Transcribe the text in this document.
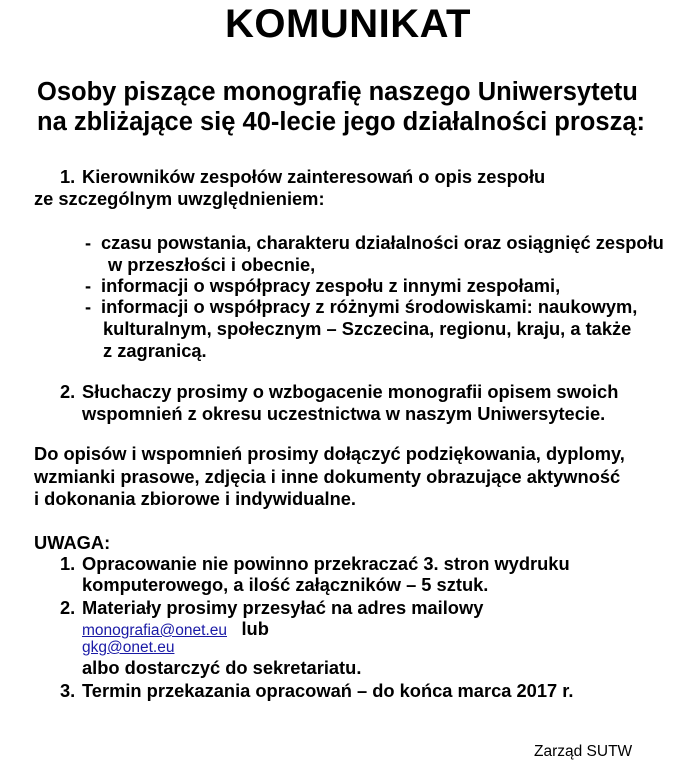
KOMUNIKAT
Osoby piszące monografię naszego Uniwersytetu
na zbliżające się 40-lecie jego działalności proszą:
1. Kierowników zespołów zainteresowań o opis zespołu
ze szczególnym uwzględnieniem:
- czasu powstania, charakteru działalności oraz osiągnięć zespołu
w przeszłości i obecnie,
- informacji o współpracy zespołu z innymi zespołami,
- informacji o współpracy z różnymi środowiskami: naukowym,
kulturalnym, społecznym – Szczecina, regionu, kraju, a także
z zagranicą.
2. Słuchaczy prosimy o wzbogacenie monografii opisem swoich
wspomnień z okresu uczestnictwa w naszym Uniwersytecie.
Do opisów i wspomnień prosimy dołączyć podziękowania, dyplomy,
wzmianki prasowe, zdjęcia i inne dokumenty obrazujące aktywność
i dokonania zbiorowe i indywidualne.
UWAGA:
1. Opracowanie nie powinno przekraczać 3. stron wydruku
komputerowego, a ilość załączników – 5 sztuk.
2. Materiały prosimy przesyłać na adres mailowy
monografia@onet.eu lub
gkg@onet.eu
albo dostarczyć do sekretariatu.
3. Termin przekazania opracowań – do końca marca 2017 r.
Zarząd SUTW
